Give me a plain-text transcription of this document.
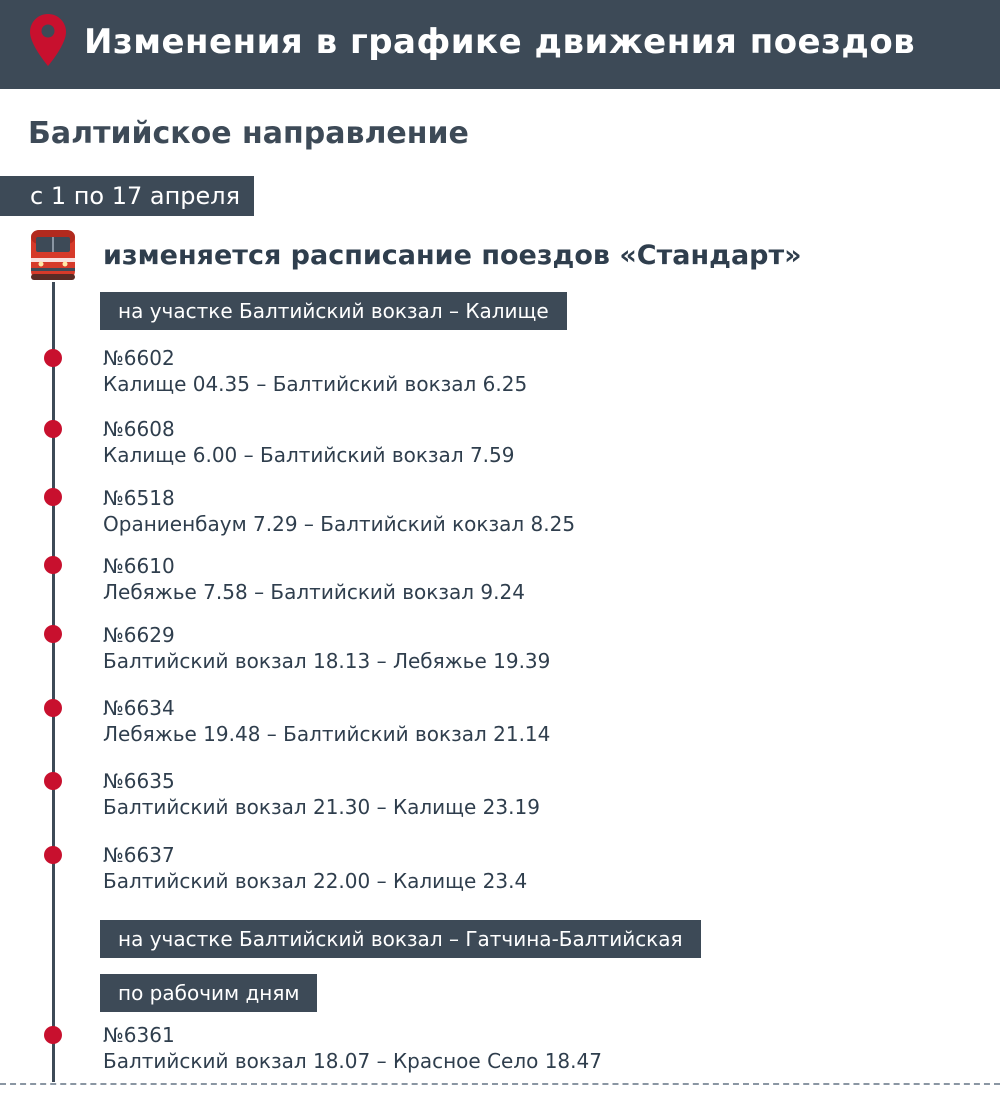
Изменения в графике движения поездов
Балтийское направление
с 1 по 17 апреля
изменяется расписание поездов «Стандарт»
на участке Балтийский вокзал – Калище
№6602
Калище 04.35 – Балтийский вокзал 6.25
№6608
Калище 6.00 – Балтийский вокзал 7.59
№6518
Ораниенбаум 7.29 – Балтийский кокзал 8.25
№6610
Лебяжье 7.58 – Балтийский вокзал 9.24
№6629
Балтийский вокзал 18.13 – Лебяжье 19.39
№6634
Лебяжье 19.48 – Балтийский вокзал 21.14
№6635
Балтийский вокзал 21.30 – Калище 23.19
№6637
Балтийский вокзал 22.00 – Калище 23.4
на участке Балтийский вокзал – Гатчина-Балтийская
по рабочим дням
№6361
Балтийский вокзал 18.07 – Красное Село 18.47
